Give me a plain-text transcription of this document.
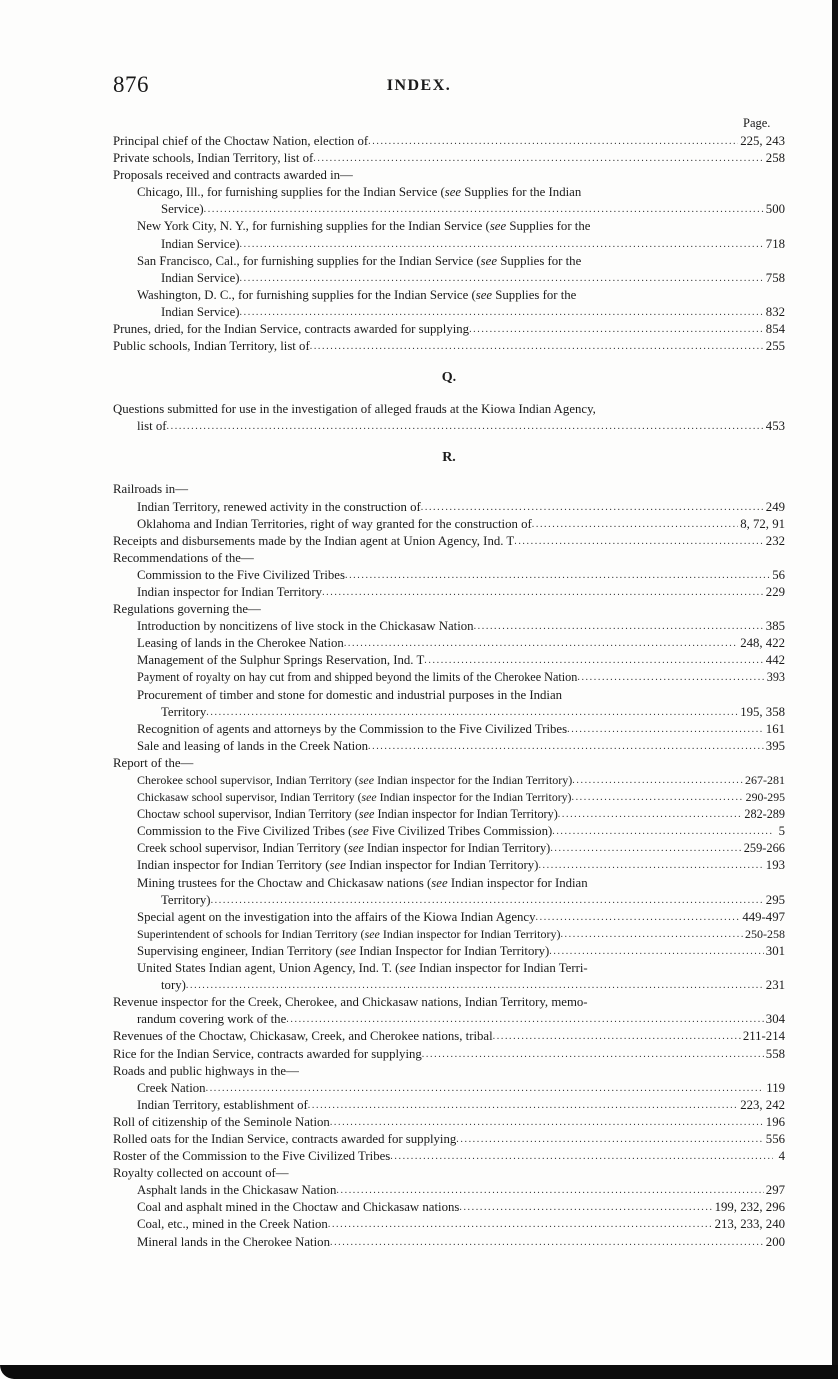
876	INDEX.
Page.
Principal chief of the Choctaw Nation, election of .....	225, 243
Private schools, Indian Territory, list of .....	258
Proposals received and contracts awarded in—
Chicago, Ill., for furnishing supplies for the Indian Service (see Supplies for the Indian
Service) .....	500
New York City, N. Y., for furnishing supplies for the Indian Service (see Supplies for the
Indian Service) .....	718
San Francisco, Cal., for furnishing supplies for the Indian Service (see Supplies for the
Indian Service) .....	758
Washington, D. C., for furnishing supplies for the Indian Service (see Supplies for the
Indian Service) .....	832
Prunes, dried, for the Indian Service, contracts awarded for supplying .....	854
Public schools, Indian Territory, list of .....	255
Q.
Questions submitted for use in the investigation of alleged frauds at the Kiowa Indian Agency,
list of .....	453
R.
Railroads in—
Indian Territory, renewed activity in the construction of .....	249
Oklahoma and Indian Territories, right of way granted for the construction of .....	8, 72, 91
Receipts and disbursements made by the Indian agent at Union Agency, Ind. T .....	232
Recommendations of the—
Commission to the Five Civilized Tribes .....	56
Indian inspector for Indian Territory .....	229
Regulations governing the—
Introduction by noncitizens of live stock in the Chickasaw Nation .....	385
Leasing of lands in the Cherokee Nation .....	248, 422
Management of the Sulphur Springs Reservation, Ind. T .....	442
Payment of royalty on hay cut from and shipped beyond the limits of the Cherokee Nation .....	393
Procurement of timber and stone for domestic and industrial purposes in the Indian
Territory .....	195, 358
Recognition of agents and attorneys by the Commission to the Five Civilized Tribes .....	161
Sale and leasing of lands in the Creek Nation .....	395
Report of the—
Cherokee school supervisor, Indian Territory (see Indian inspector for the Indian Territory) .....	267-281
Chickasaw school supervisor, Indian Territory (see Indian inspector for the Indian Territory) .....	290-295
Choctaw school supervisor, Indian Territory (see Indian inspector for Indian Territory) .....	282-289
Commission to the Five Civilized Tribes (see Five Civilized Tribes Commission) .....	5
Creek school supervisor, Indian Territory (see Indian inspector for Indian Territory) .....	259-266
Indian inspector for Indian Territory (see Indian inspector for Indian Territory) .....	193
Mining trustees for the Choctaw and Chickasaw nations (see Indian inspector for Indian
Territory) .....	295
Special agent on the investigation into the affairs of the Kiowa Indian Agency .....	449-497
Superintendent of schools for Indian Territory (see Indian inspector for Indian Territory) .....	250-258
Supervising engineer, Indian Territory (see Indian Inspector for Indian Territory) .....	301
United States Indian agent, Union Agency, Ind. T. (see Indian inspector for Indian Terri-
tory) .....	231
Revenue inspector for the Creek, Cherokee, and Chickasaw nations, Indian Territory, memo-
randum covering work of the .....	304
Revenues of the Choctaw, Chickasaw, Creek, and Cherokee nations, tribal .....	211-214
Rice for the Indian Service, contracts awarded for supplying .....	558
Roads and public highways in the—
Creek Nation .....	119
Indian Territory, establishment of .....	223, 242
Roll of citizenship of the Seminole Nation .....	196
Rolled oats for the Indian Service, contracts awarded for supplying .....	556
Roster of the Commission to the Five Civilized Tribes .....	4
Royalty collected on account of—
Asphalt lands in the Chickasaw Nation .....	297
Coal and asphalt mined in the Choctaw and Chickasaw nations .....	199, 232, 296
Coal, etc., mined in the Creek Nation .....	213, 233, 240
Mineral lands in the Cherokee Nation .....	200
